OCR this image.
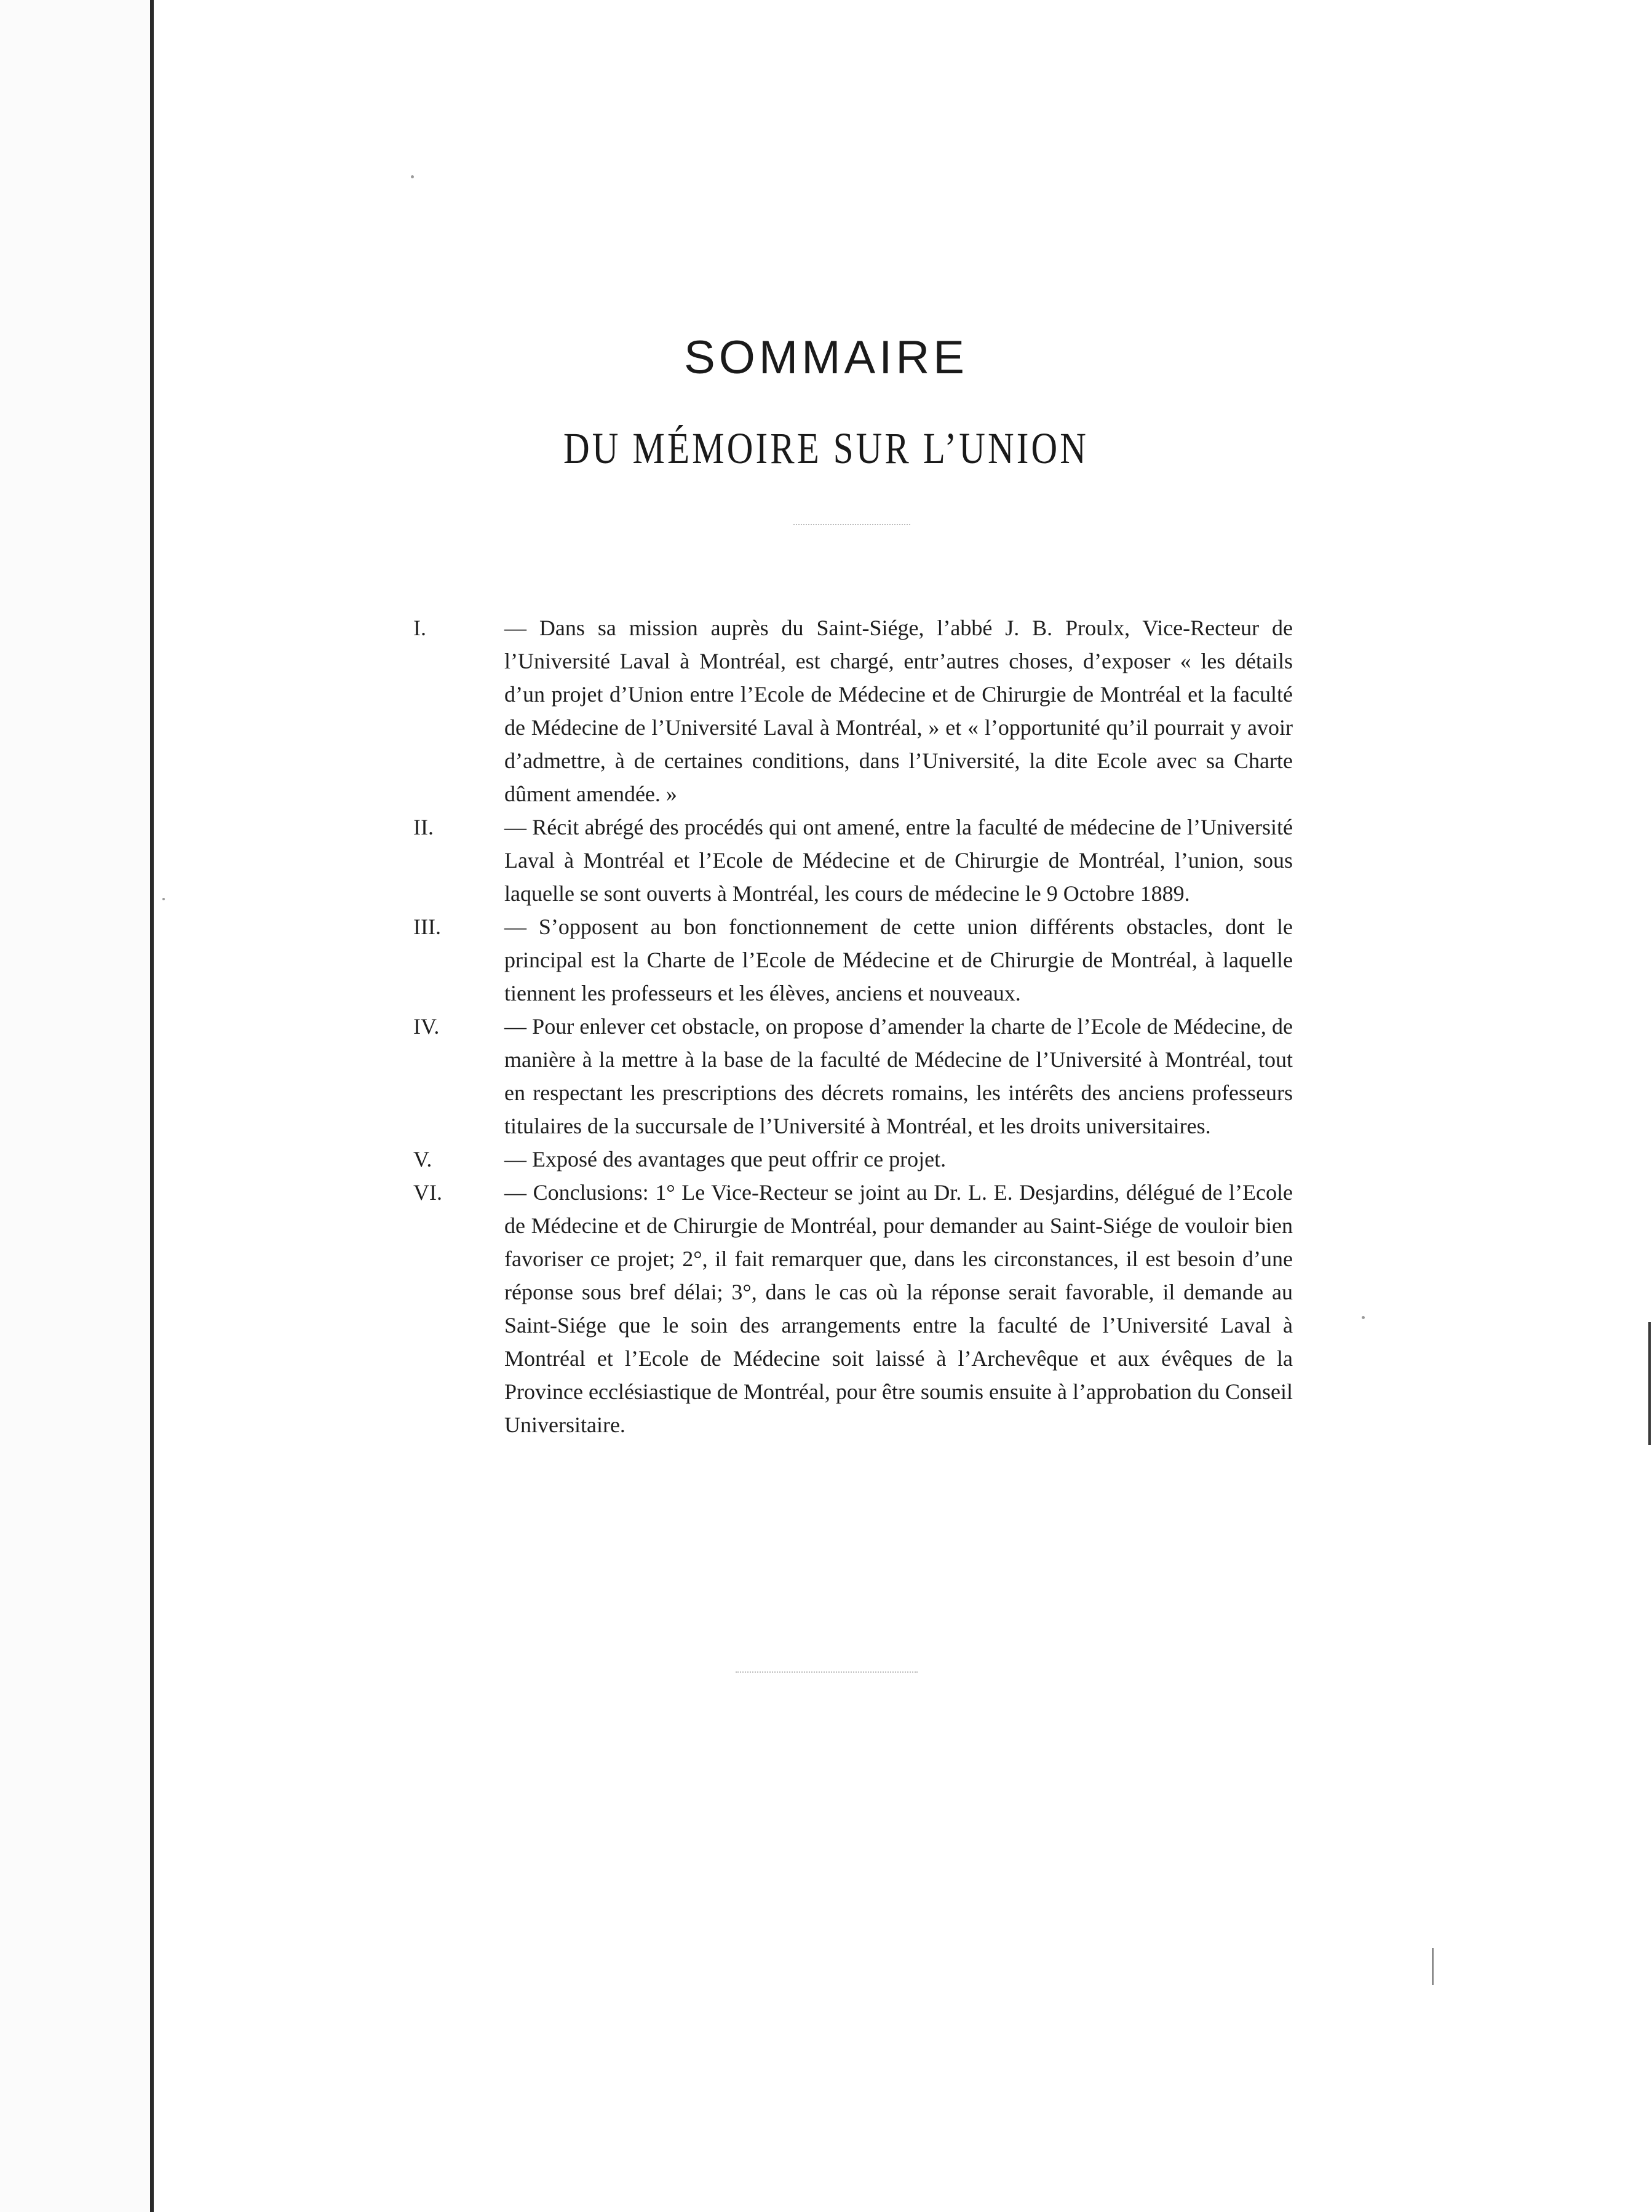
SOMMAIRE
DU MÉMOIRE SUR L’UNION
I.	— Dans sa mission auprès du Saint-Siége, l’abbé J. B. Proulx, Vice-Recteur de l’Université Laval à Montréal, est chargé, entr’autres choses, d’exposer « les détails d’un projet d’Union entre l’Ecole de Médecine et de Chirurgie de Montréal et la faculté de Médecine de l’Université Laval à Montréal, » et « l’opportunité qu’il pourrait y avoir d’admettre, à de certaines conditions, dans l’Université, la dite Ecole avec sa Charte dûment amendée. »
II.	— Récit abrégé des procédés qui ont amené, entre la faculté de médecine de l’Université Laval à Montréal et l’Ecole de Médecine et de Chirurgie de Montréal, l’union, sous laquelle se sont ouverts à Montréal, les cours de médecine le 9 Octobre 1889.
III.	— S’opposent au bon fonctionnement de cette union différents obstacles, dont le principal est la Charte de l’Ecole de Médecine et de Chirurgie de Montréal, à laquelle tiennent les professeurs et les élèves, anciens et nouveaux.
IV.	— Pour enlever cet obstacle, on propose d’amender la charte de l’Ecole de Médecine, de manière à la mettre à la base de la faculté de Médecine de l’Université à Montréal, tout en respectant les prescriptions des décrets romains, les intérêts des anciens professeurs titulaires de la succursale de l’Université à Montréal, et les droits universitaires.
V.	— Exposé des avantages que peut offrir ce projet.
VI.	— Conclusions: 1° Le Vice-Recteur se joint au Dr. L. E. Desjardins, délégué de l’Ecole de Médecine et de Chirurgie de Montréal, pour demander au Saint-Siége de vouloir bien favoriser ce projet; 2°, il fait remarquer que, dans les circonstances, il est besoin d’une réponse sous bref délai; 3°, dans le cas où la réponse serait favorable, il demande au Saint-Siége que le soin des arrangements entre la faculté de l’Université Laval à Montréal et l’Ecole de Médecine soit laissé à l’Archevêque et aux évêques de la Province ecclésiastique de Montréal, pour être soumis ensuite à l’approbation du Conseil Universitaire.
